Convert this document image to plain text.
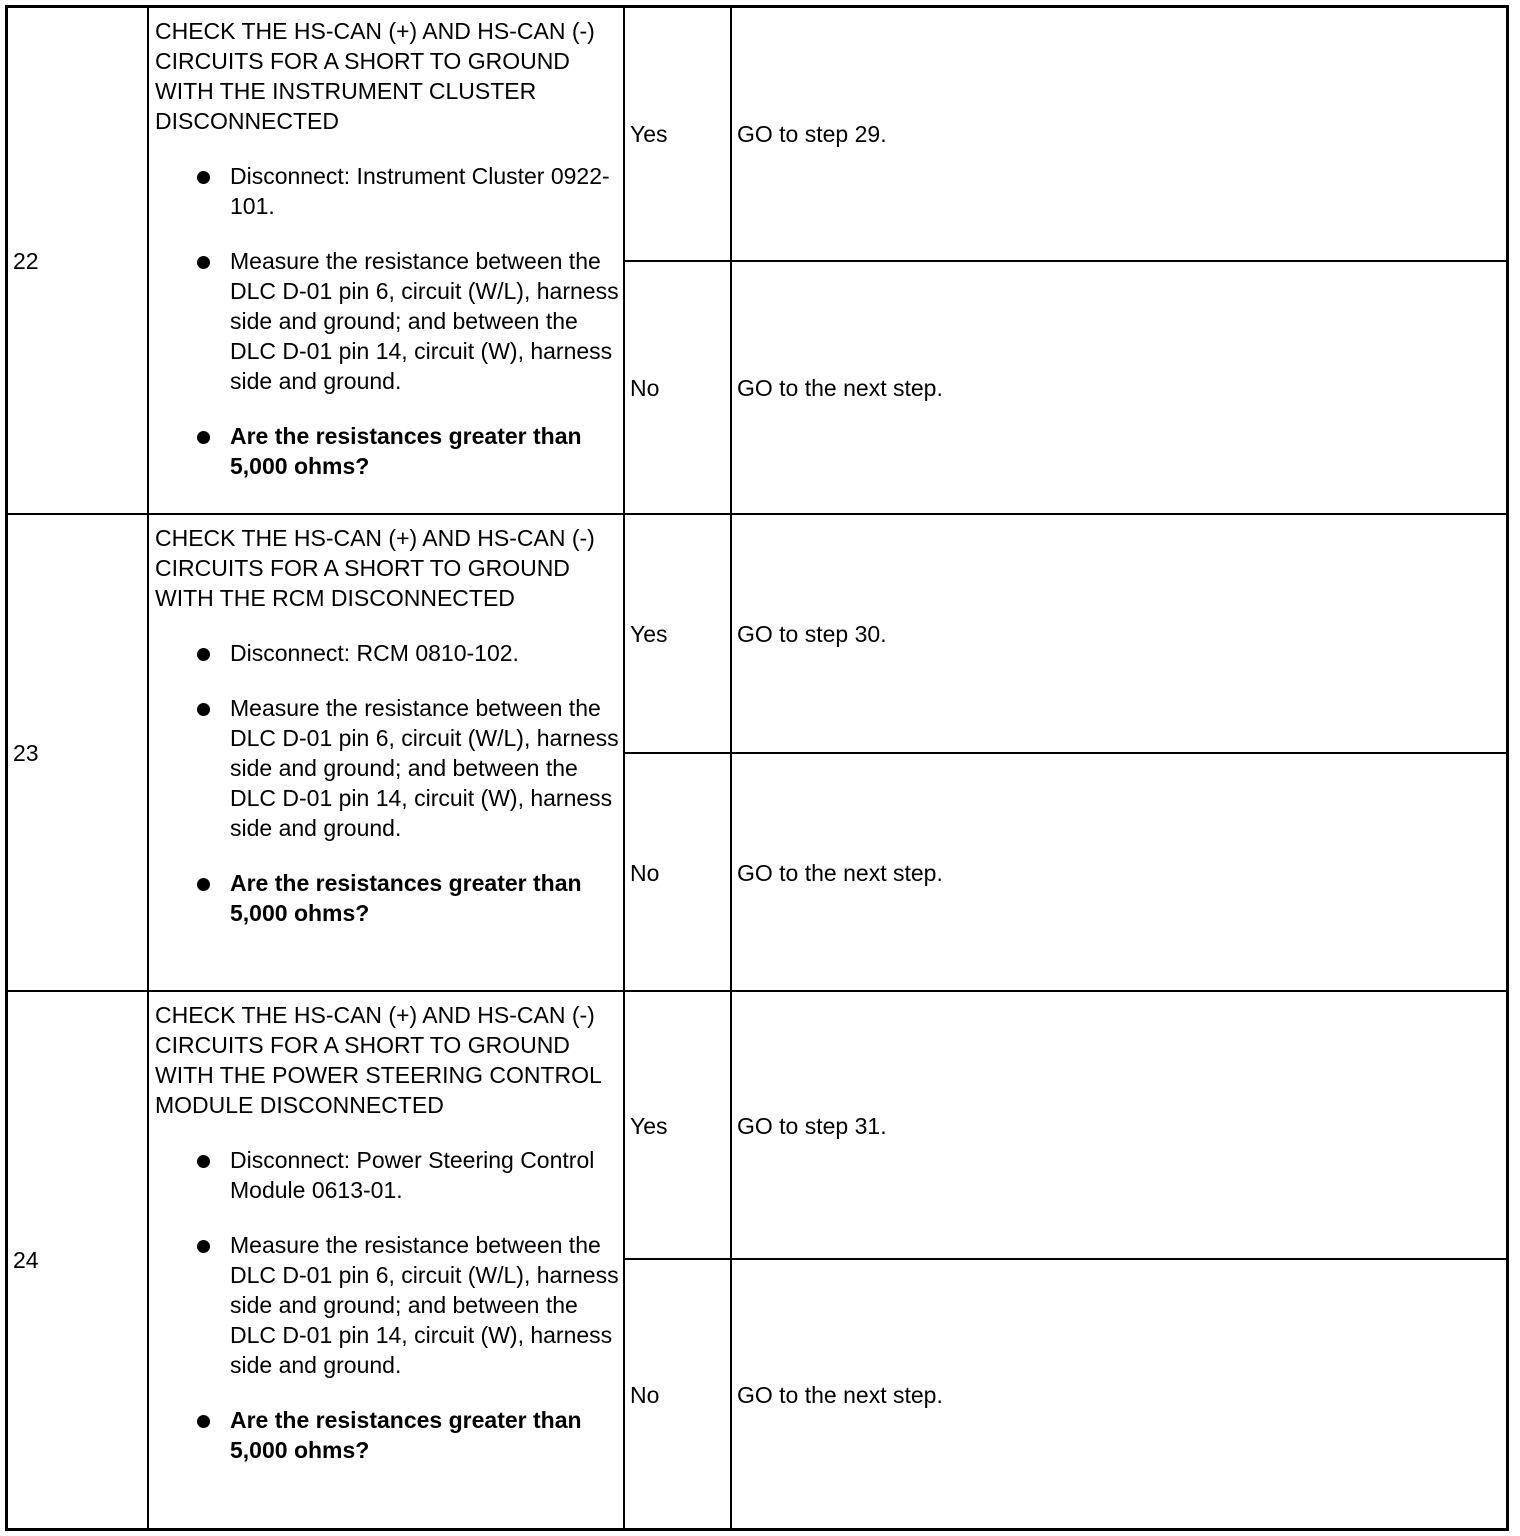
22
CHECK THE HS-CAN (+) AND HS-CAN (-) CIRCUITS FOR A SHORT TO GROUND WITH THE INSTRUMENT CLUSTER DISCONNECTED
Disconnect: Instrument Cluster 0922-101.
Measure the resistance between the DLC D-01 pin 6, circuit (W/L), harness side and ground; and between the DLC D-01 pin 14, circuit (W), harness side and ground.
Are the resistances greater than 5,000 ohms?
Yes	GO to step 29.
No	GO to the next step.
23
CHECK THE HS-CAN (+) AND HS-CAN (-) CIRCUITS FOR A SHORT TO GROUND WITH THE RCM DISCONNECTED
Disconnect: RCM 0810-102.
Measure the resistance between the DLC D-01 pin 6, circuit (W/L), harness side and ground; and between the DLC D-01 pin 14, circuit (W), harness side and ground.
Are the resistances greater than 5,000 ohms?
Yes	GO to step 30.
No	GO to the next step.
24
CHECK THE HS-CAN (+) AND HS-CAN (-) CIRCUITS FOR A SHORT TO GROUND WITH THE POWER STEERING CONTROL MODULE DISCONNECTED
Disconnect: Power Steering Control Module 0613-01.
Measure the resistance between the DLC D-01 pin 6, circuit (W/L), harness side and ground; and between the DLC D-01 pin 14, circuit (W), harness side and ground.
Are the resistances greater than 5,000 ohms?
Yes	GO to step 31.
No	GO to the next step.
